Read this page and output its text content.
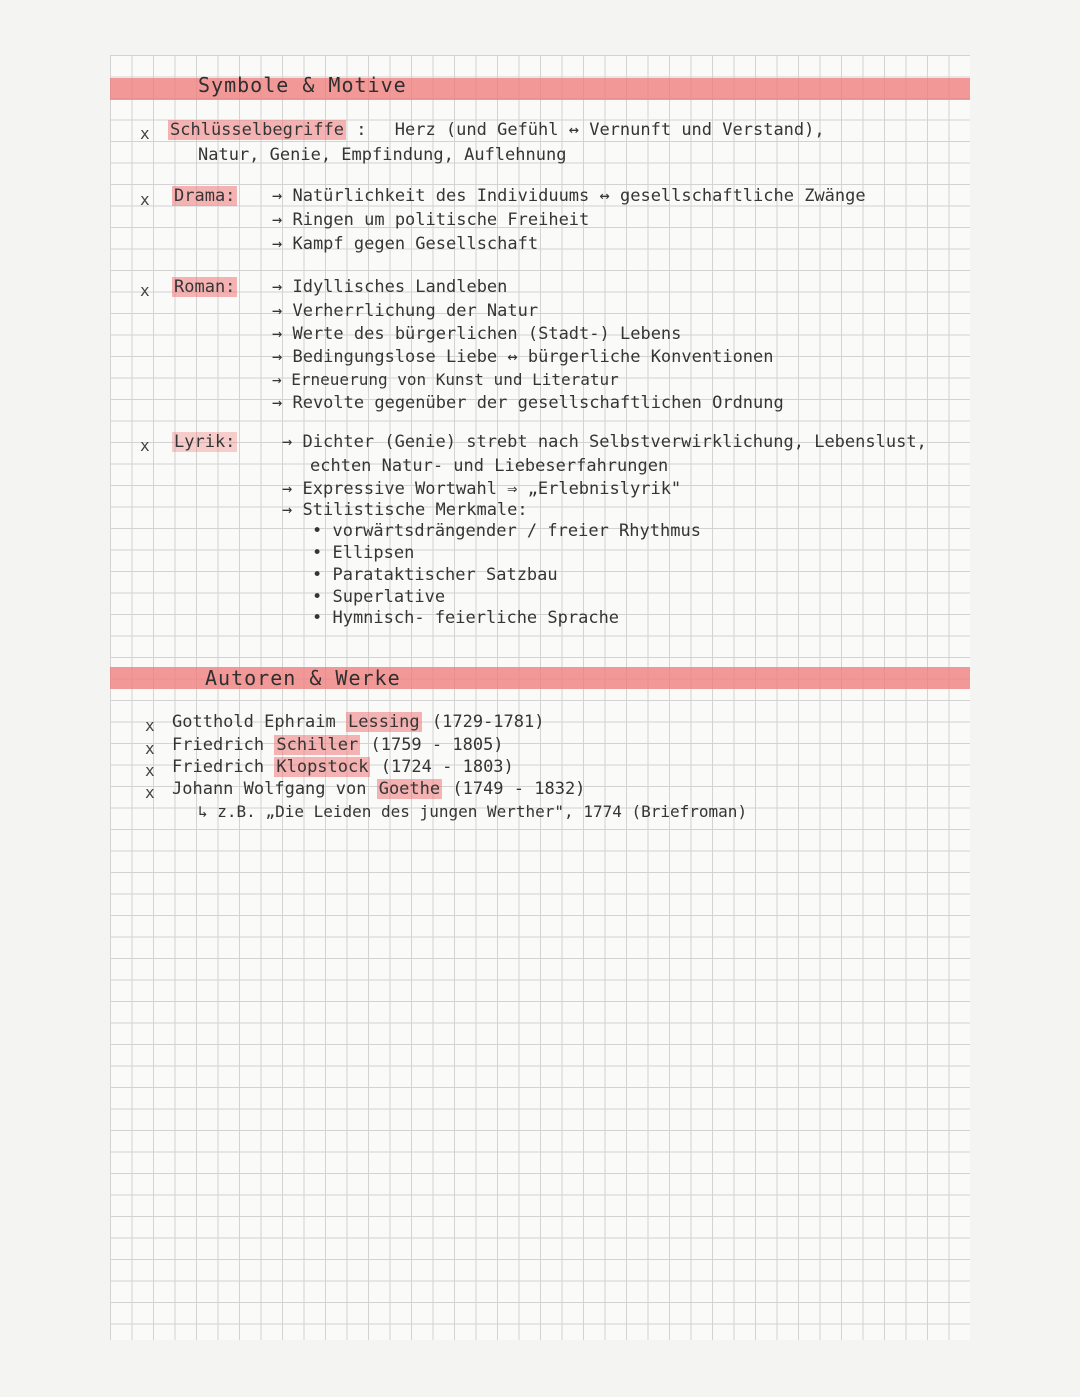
Symbole & Motive
x Schlüsselbegriffe : Herz (und Gefühl ↔ Vernunft und Verstand),
Natur, Genie, Empfindung, Auflehnung
x Drama: → Natürlichkeit des Individuums ↔ gesellschaftliche Zwänge
→ Ringen um politische Freiheit
→ Kampf gegen Gesellschaft
x Roman: → Idyllisches Landleben
→ Verherrlichung der Natur
→ Werte des bürgerlichen (Stadt-) Lebens
→ Bedingungslose Liebe ↔ bürgerliche Konventionen
→ Erneuerung von Kunst und Literatur
→ Revolte gegenüber der gesellschaftlichen Ordnung
x Lyrik:	→ Dichter (Genie) strebt nach Selbstverwirklichung, Lebenslust,
echten Natur- und Liebeserfahrungen
→ Expressive Wortwahl ⇒ „Erlebnislyrik"
→ Stilistische Merkmale:
• vorwärtsdrängender / freier Rhythmus
• Ellipsen
• Parataktischer Satzbau
• Superlative
• Hymnisch- feierliche Sprache
Autoren & Werke
x Gotthold Ephraim Lessing (1729-1781)
x Friedrich Schiller (1759 - 1805)
x Friedrich Klopstock (1724 - 1803)
x Johann Wolfgang von Goethe (1749 - 1832)
↳ z.B. „Die Leiden des jungen Werther", 1774 (Briefroman)
